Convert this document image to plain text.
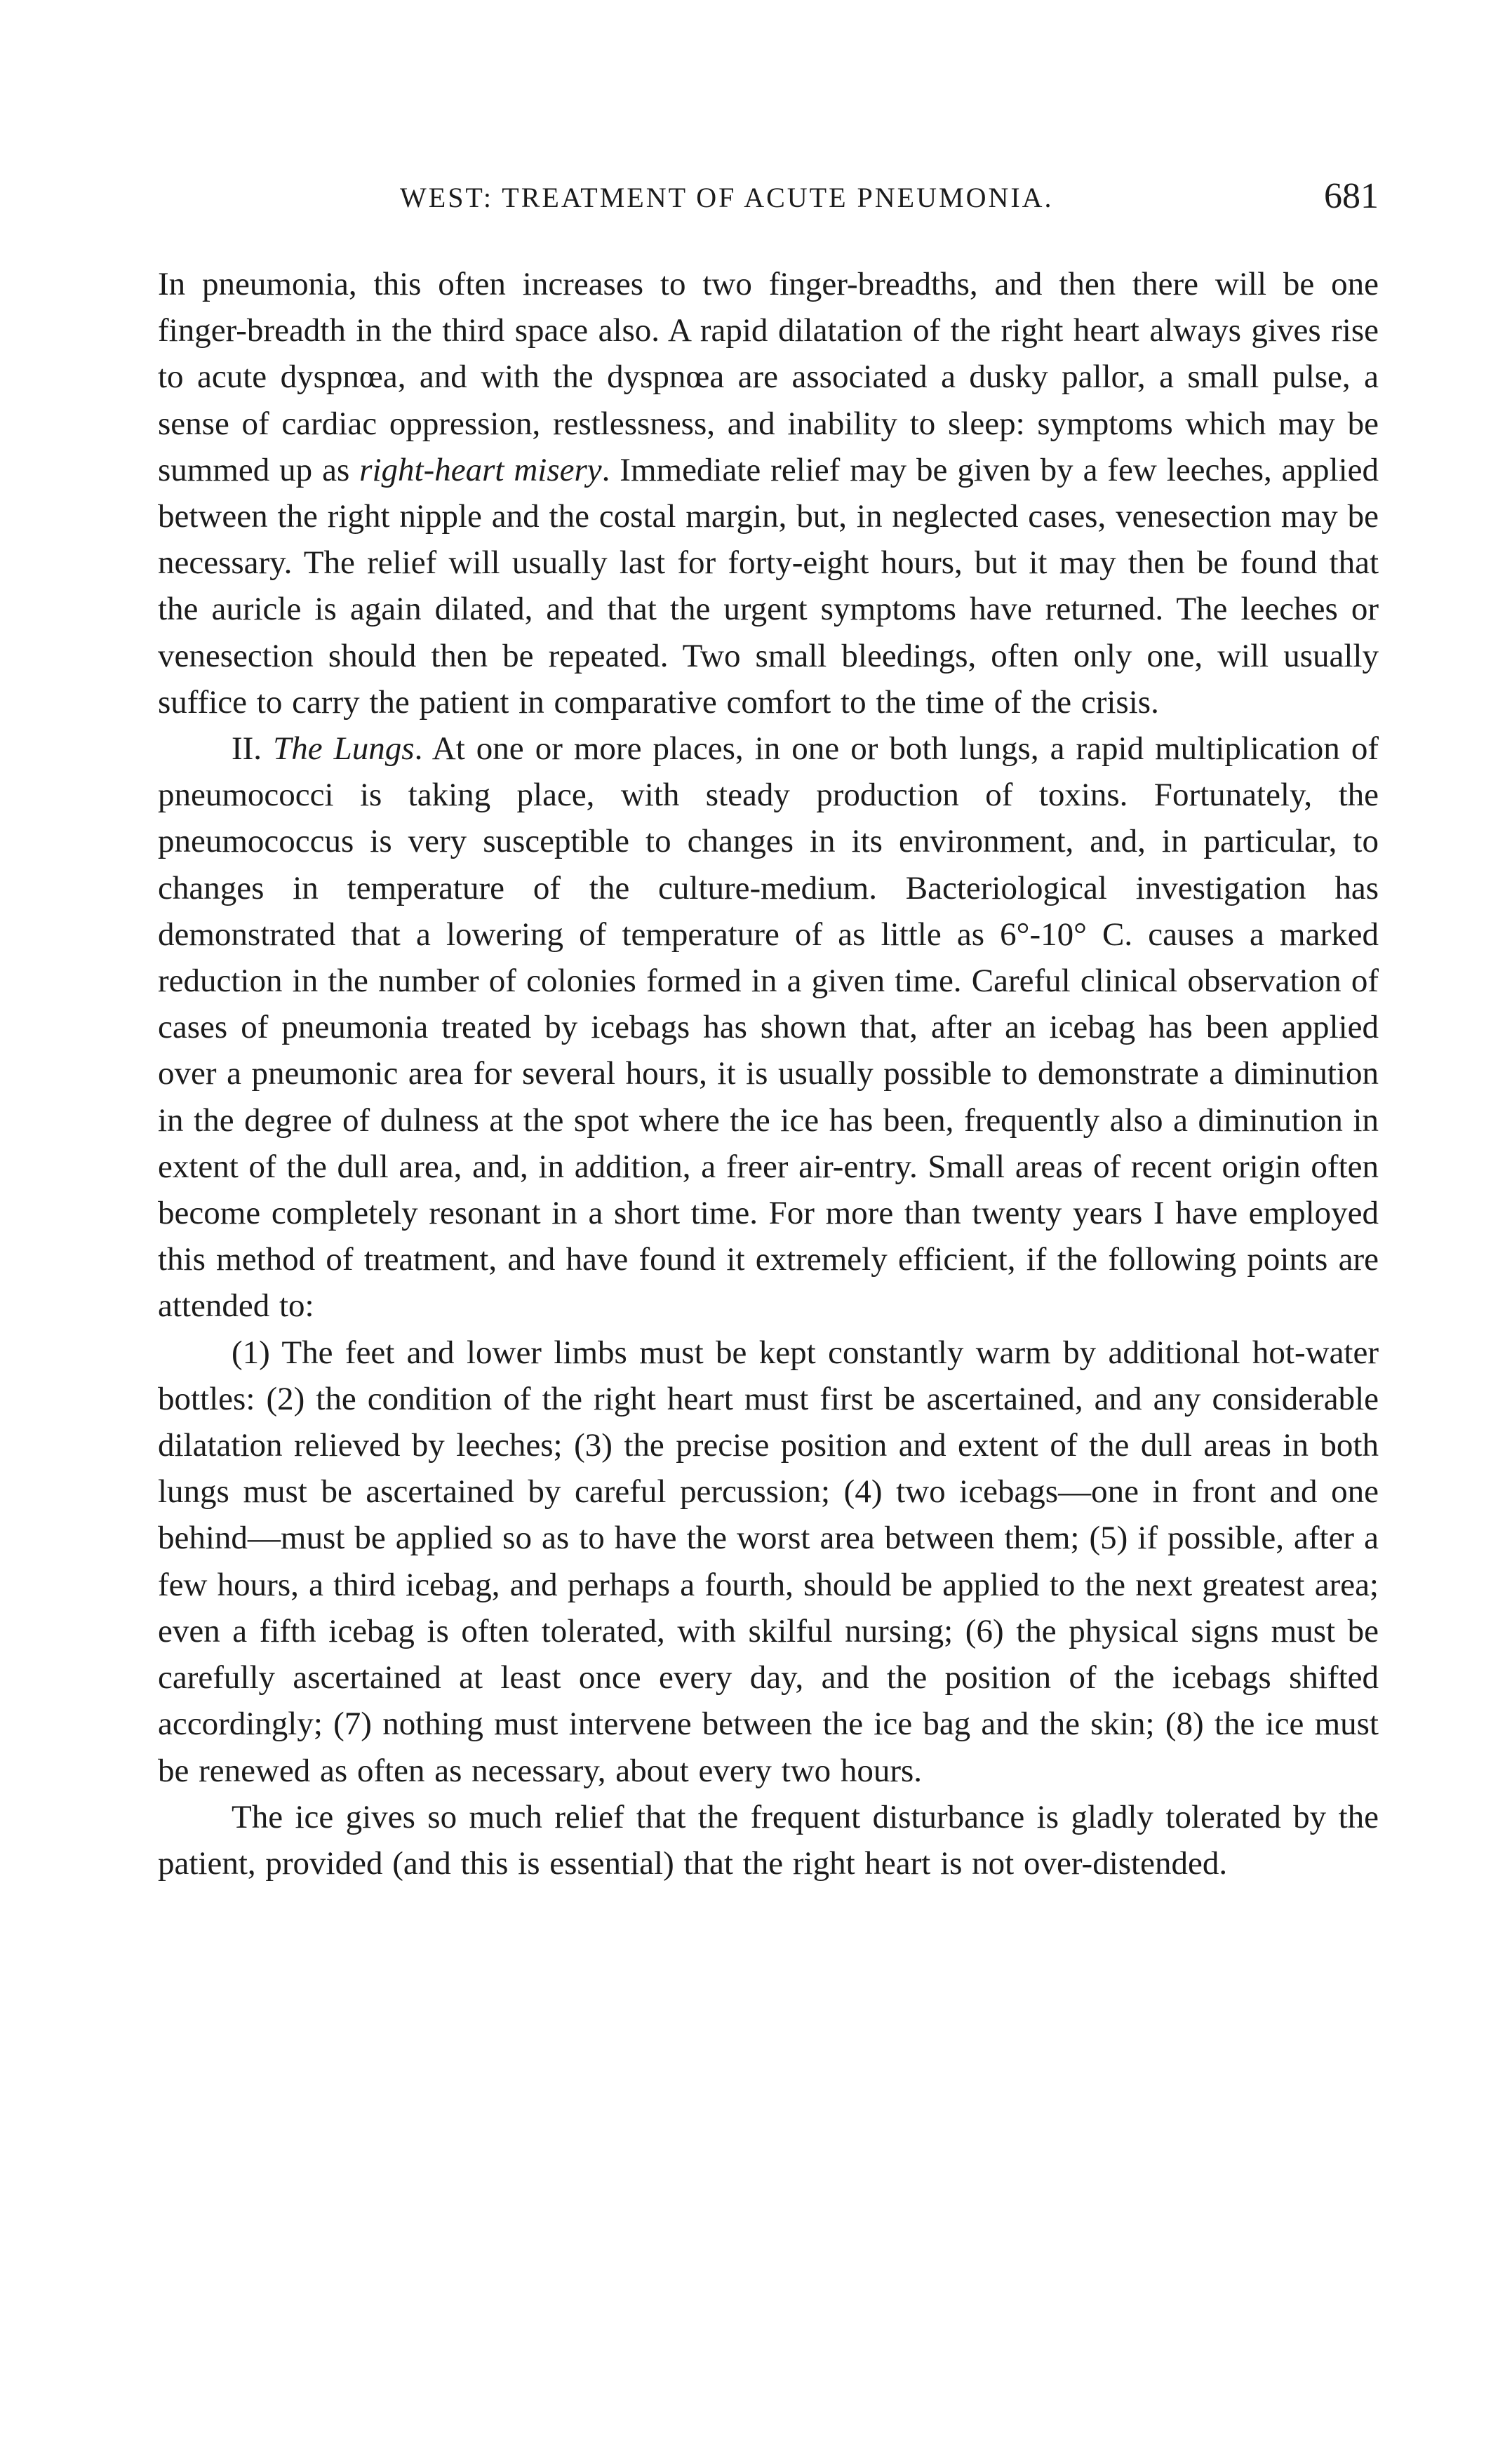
WEST: TREATMENT OF ACUTE PNEUMONIA.	681

In pneumonia, this often increases to two finger-breadths, and then there will be one finger-breadth in the third space also. A rapid dilatation of the right heart always gives rise to acute dyspnœa, and with the dyspnœa are associated a dusky pallor, a small pulse, a sense of cardiac oppression, restlessness, and inability to sleep: symptoms which may be summed up as right-heart misery. Immediate relief may be given by a few leeches, applied between the right nipple and the costal margin, but, in neglected cases, venesection may be necessary. The relief will usually last for forty-eight hours, but it may then be found that the auricle is again dilated, and that the urgent symptoms have returned. The leeches or venesection should then be repeated. Two small bleedings, often only one, will usually suffice to carry the patient in comparative comfort to the time of the crisis.

II. The Lungs. At one or more places, in one or both lungs, a rapid multiplication of pneumococci is taking place, with steady production of toxins. Fortunately, the pneumococcus is very susceptible to changes in its environment, and, in particular, to changes in temperature of the culture-medium. Bacteriological investigation has demonstrated that a lowering of temperature of as little as 6°-10° C. causes a marked reduction in the number of colonies formed in a given time. Careful clinical observation of cases of pneumonia treated by icebags has shown that, after an icebag has been applied over a pneumonic area for several hours, it is usually possible to demonstrate a diminution in the degree of dulness at the spot where the ice has been, frequently also a diminution in extent of the dull area, and, in addition, a freer air-entry. Small areas of recent origin often become completely resonant in a short time. For more than twenty years I have employed this method of treatment, and have found it extremely efficient, if the following points are attended to:

(1) The feet and lower limbs must be kept constantly warm by additional hot-water bottles: (2) the condition of the right heart must first be ascertained, and any considerable dilatation relieved by leeches; (3) the precise position and extent of the dull areas in both lungs must be ascertained by careful percussion; (4) two icebags—one in front and one behind—must be applied so as to have the worst area between them; (5) if possible, after a few hours, a third icebag, and perhaps a fourth, should be applied to the next greatest area; even a fifth icebag is often tolerated, with skilful nursing; (6) the physical signs must be carefully ascertained at least once every day, and the position of the icebags shifted accordingly; (7) nothing must intervene between the ice bag and the skin; (8) the ice must be renewed as often as necessary, about every two hours.

The ice gives so much relief that the frequent disturbance is gladly tolerated by the patient, provided (and this is essential) that the right heart is not over-distended.
